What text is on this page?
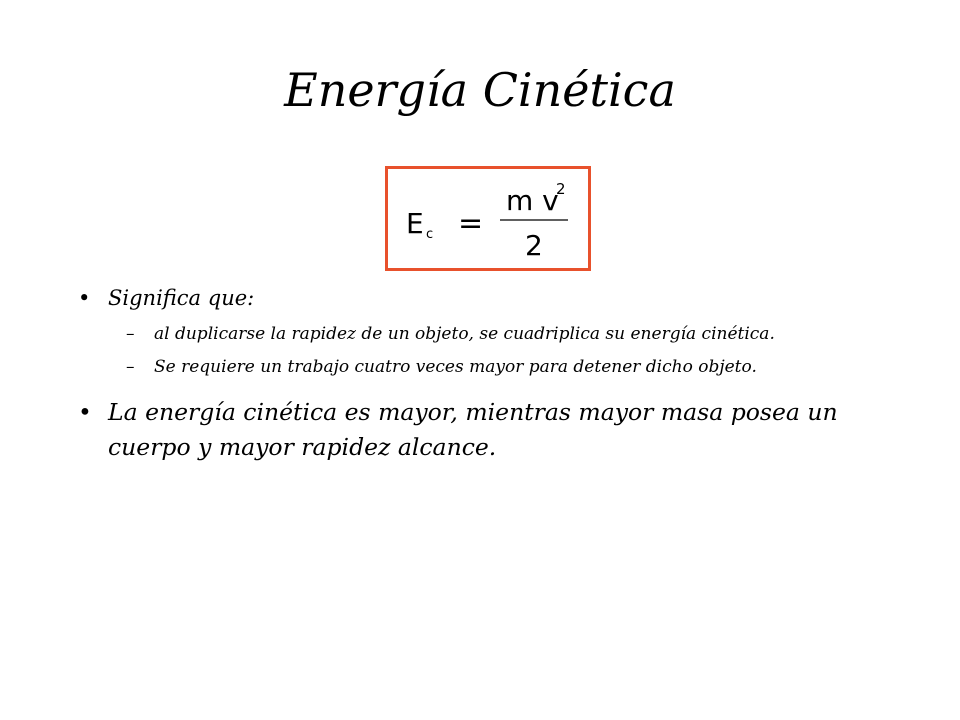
Energía Cinética
E c =
m v
2
2
• Significa que:
– al duplicarse la rapidez de un objeto, se cuadriplica su energía cinética.
– Se requiere un trabajo cuatro veces mayor para detener dicho objeto.
• La energía cinética es mayor, mientras mayor masa posea un cuerpo y mayor rapidez alcance.
